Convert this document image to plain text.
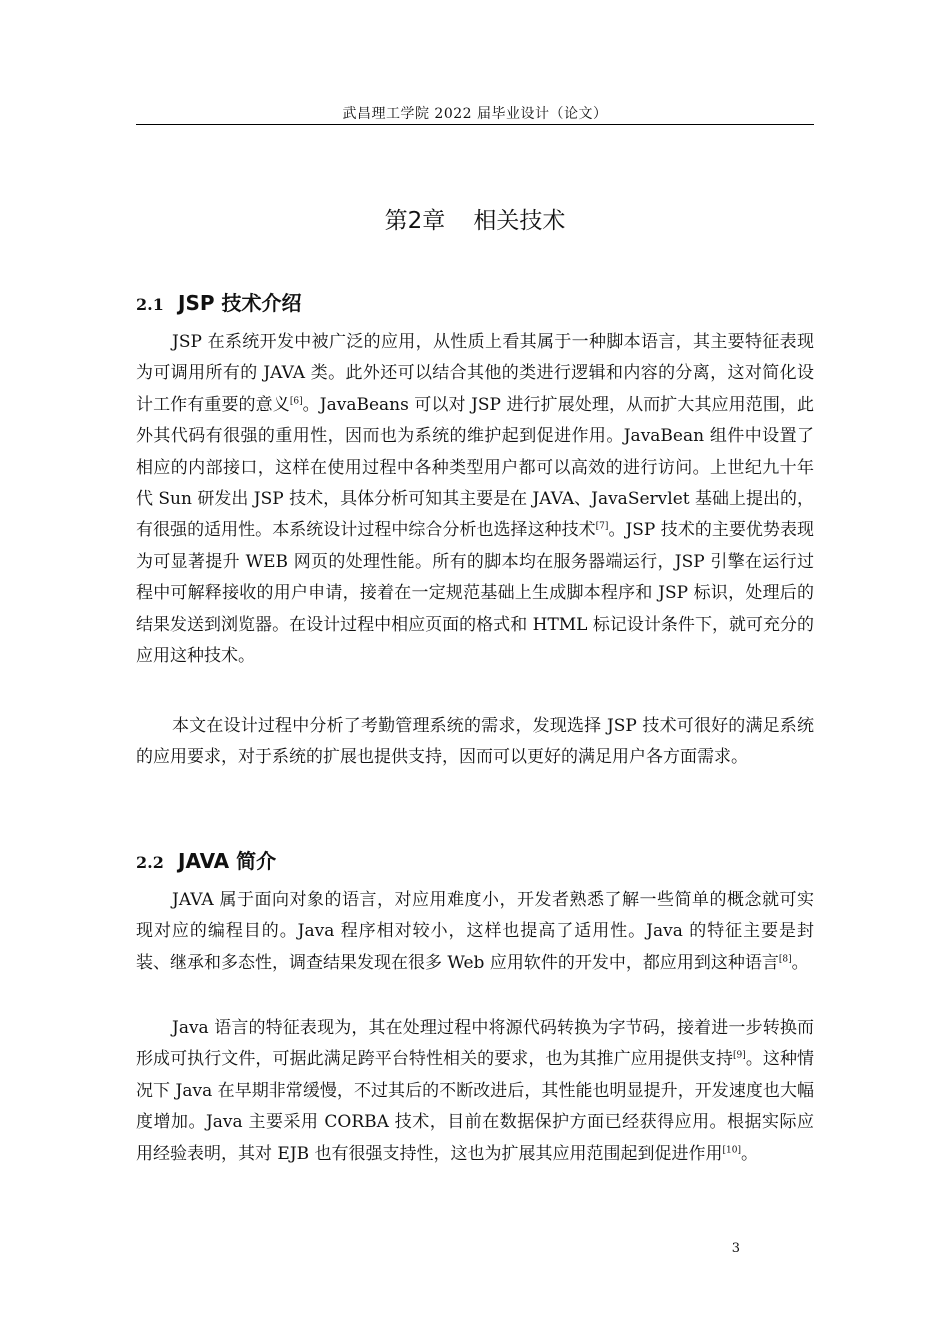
武昌理工学院 2022 届毕业设计（论文）
第2章 相关技术
2.1 JSP 技术介绍

JSP 在系统开发中被广泛的应用，从性质上看其属于一种脚本语言，其主要特征表现为可调用所有的 JAVA 类。此外还可以结合其他的类进行逻辑和内容的分离，这对简化设计工作有重要的意义[6]。JavaBeans 可以对 JSP 进行扩展处理，从而扩大其应用范围，此外其代码有很强的重用性，因而也为系统的维护起到促进作用。JavaBean 组件中设置了相应的内部接口，这样在使用过程中各种类型用户都可以高效的进行访问。上世纪九十年代 Sun 研发出 JSP 技术，具体分析可知其主要是在 JAVA、JavaServlet 基础上提出的，有很强的适用性。本系统设计过程中综合分析也选择这种技术[7]。JSP 技术的主要优势表现为可显著提升 WEB 网页的处理性能。所有的脚本均在服务器端运行，JSP 引擎在运行过程中可解释接收的用户申请，接着在一定规范基础上生成脚本程序和 JSP 标识，处理后的结果发送到浏览器。在设计过程中相应页面的格式和 HTML 标记设计条件下，就可充分的应用这种技术。

本文在设计过程中分析了考勤管理系统的需求，发现选择 JSP 技术可很好的满足系统的应用要求，对于系统的扩展也提供支持，因而可以更好的满足用户各方面需求。

2.2 JAVA 简介

JAVA 属于面向对象的语言，对应用难度小，开发者熟悉了解一些简单的概念就可实现对应的编程目的。Java 程序相对较小，这样也提高了适用性。Java 的特征主要是封装、继承和多态性，调查结果发现在很多 Web 应用软件的开发中，都应用到这种语言[8]。

Java 语言的特征表现为，其在处理过程中将源代码转换为字节码，接着进一步转换而形成可执行文件，可据此满足跨平台特性相关的要求，也为其推广应用提供支持[9]。这种情况下 Java 在早期非常缓慢，不过其后的不断改进后，其性能也明显提升，开发速度也大幅度增加。Java 主要采用 CORBA 技术，目前在数据保护方面已经获得应用。根据实际应用经验表明，其对 EJB 也有很强支持性，这也为扩展其应用范围起到促进作用[10]。

3
